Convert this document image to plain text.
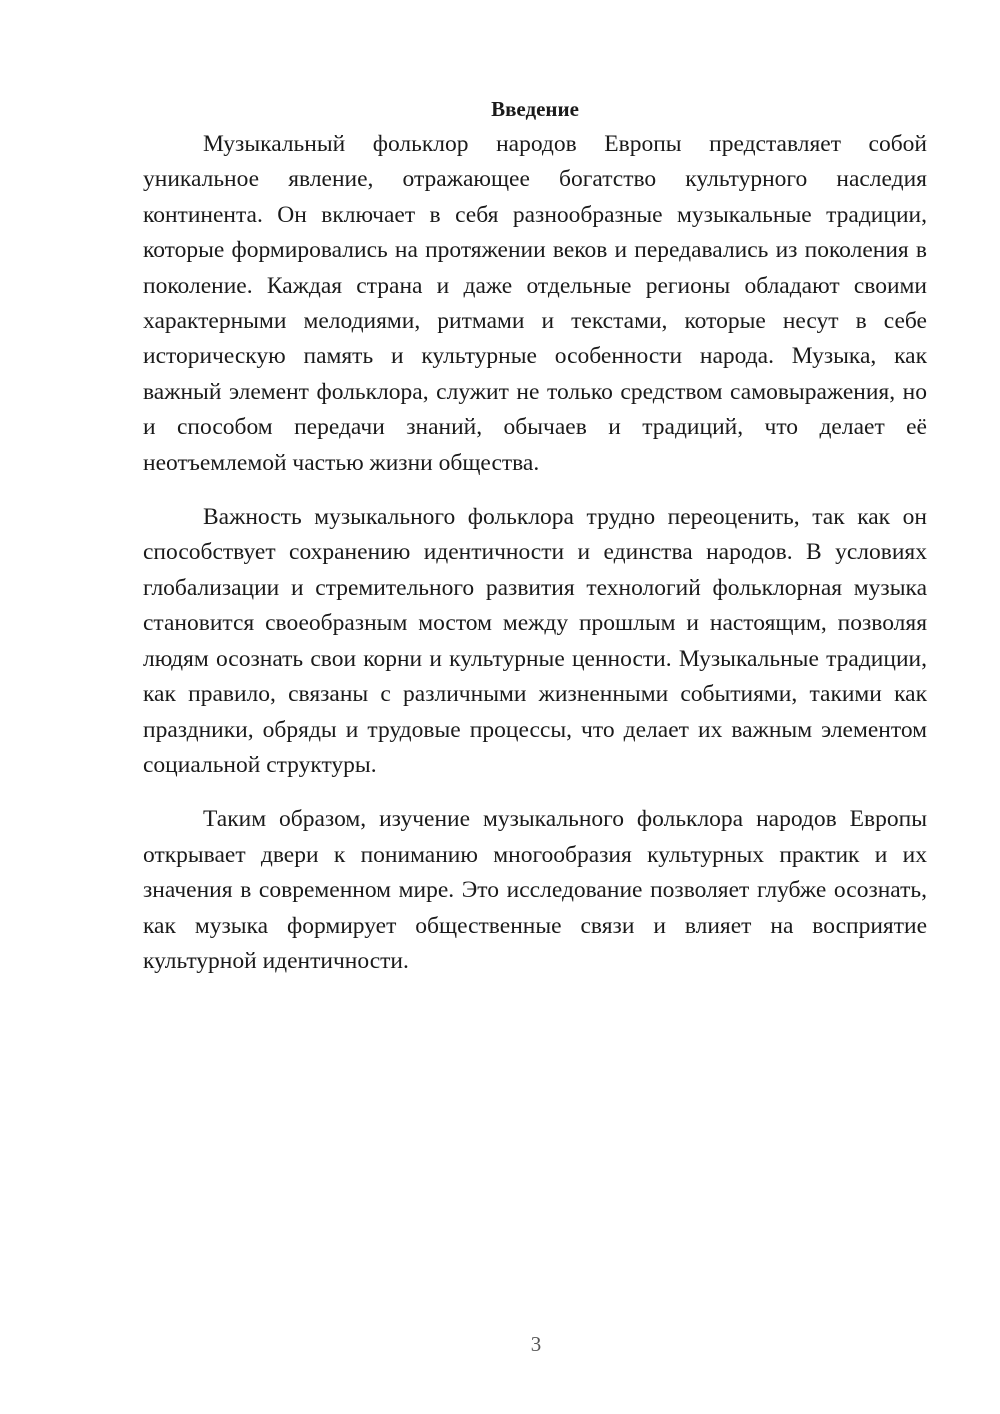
Введение

Музыкальный фольклор народов Европы представляет собой уникальное явление, отражающее богатство культурного наследия континента. Он включает в себя разнообразные музыкальные традиции, которые формировались на протяжении веков и передавались из поколения в поколение. Каждая страна и даже отдельные регионы обладают своими характерными мелодиями, ритмами и текстами, которые несут в себе историческую память и культурные особенности народа. Музыка, как важный элемент фольклора, служит не только средством самовыражения, но и способом передачи знаний, обычаев и традиций, что делает её неотъемлемой частью жизни общества.

Важность музыкального фольклора трудно переоценить, так как он способствует сохранению идентичности и единства народов. В условиях глобализации и стремительного развития технологий фольклорная музыка становится своеобразным мостом между прошлым и настоящим, позволяя людям осознать свои корни и культурные ценности. Музыкальные традиции, как правило, связаны с различными жизненными событиями, такими как праздники, обряды и трудовые процессы, что делает их важным элементом социальной структуры.

Таким образом, изучение музыкального фольклора народов Европы открывает двери к пониманию многообразия культурных практик и их значения в современном мире. Это исследование позволяет глубже осознать, как музыка формирует общественные связи и влияет на восприятие культурной идентичности.

3
